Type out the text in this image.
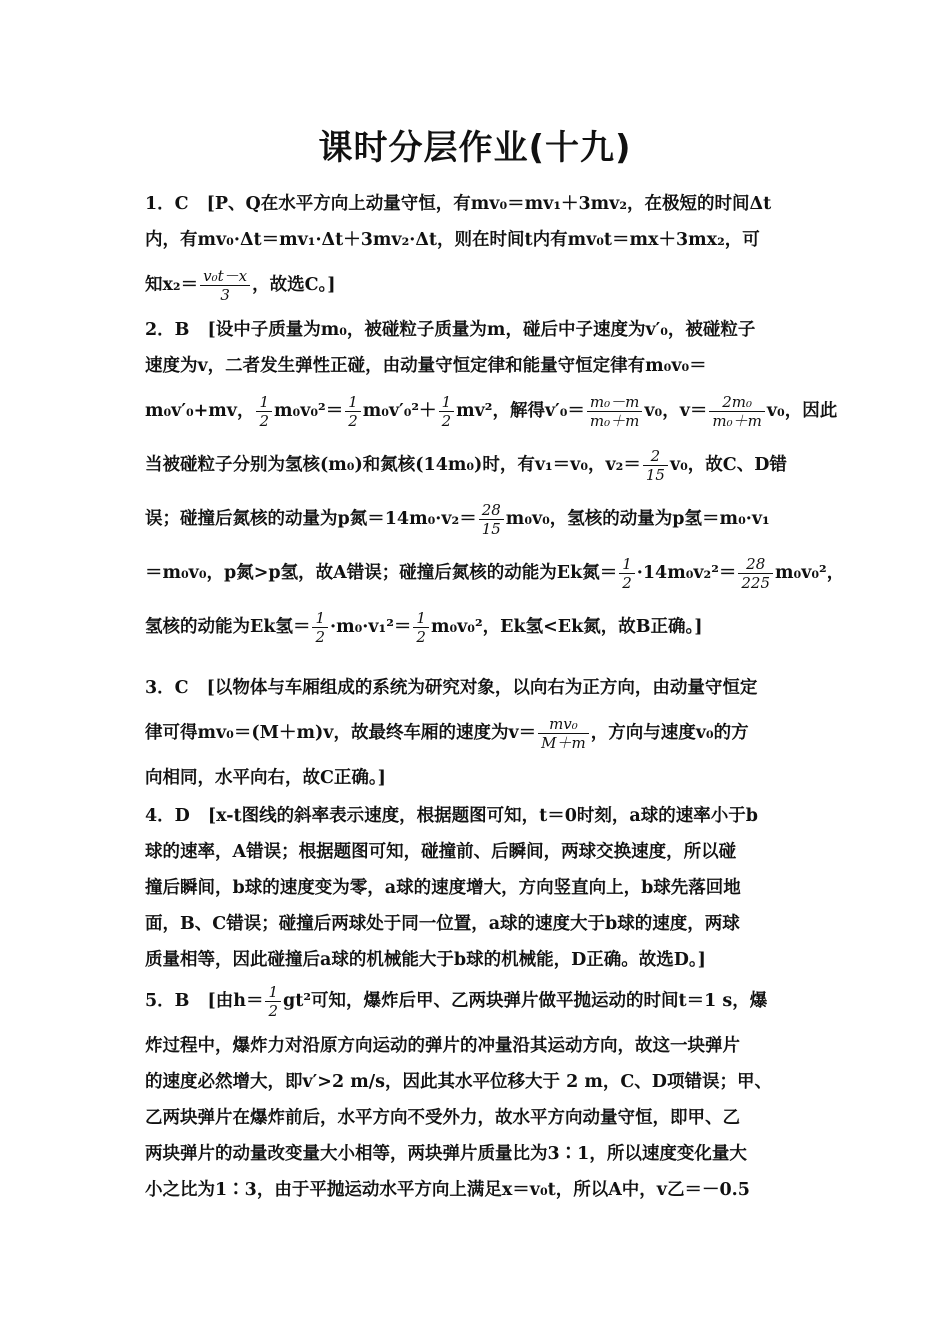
课时分层作业(十九)
1．C [P、Q在水平方向上动量守恒，有mv₀＝mv₁＋3mv₂，在极短的时间Δt
内，有mv₀·Δt＝mv₁·Δt＋3mv₂·Δt，则在时间t内有mv₀t＝mx＋3mx₂，可
知$x_2= \frac{\text{v₀t－x}}{3}$ ，故选C。]
2．B [设中子质量为m₀，被碰粒子质量为m，碰后中子速度为v′₀，被碰粒子
速度为v，二者发生弹性正碰，由动量守恒定律和能量守恒定律有m₀v₀＝
m₀v′₀+mv， $\frac{1}{2} m_0v_0^2= \frac{1}{2} m_0v'_0^2+ \frac{1}{2} mv^2$，解得$v'_0= \frac{\text{m₀－m}}{\text{m₀＋m}} v_0$，$v= \frac{\text{2m₀}}{\text{m₀＋m}} v_0$，因此
当被碰粒子分别为氢核(m₀)和氮核(14m₀)时，有v₁＝v₀，$v_2= \frac{2}{15} v_0$，故C、D错
误；碰撞后氮核的动量为p氮$=14m_0\cdot v_2= \frac{28}{15} m_0v_0$，氢核的动量为p氢＝m₀·v₁
＝m₀v₀，p氮>p氢，故A错误；碰撞后氮核的动能为Ek氮＝ $\frac{1}{2} \cdot 14m_0v_2^2= \frac{28}{225} m_0v_0^2$，
氢核的动能为Ek氢＝ $\frac{1}{2} \cdot m_0\cdot v_1^2= \frac{1}{2} m_0v_0^2$，Ek氢<Ek氮，故B正确。]
3．C [以物体与车厢组成的系统为研究对象，以向右为正方向，由动量守恒定
律可得mv₀＝(M＋m)v，故最终车厢的速度为$v= \frac{\text{mv₀}}{M+m}$ ，方向与速度v₀的方
向相同，水平向右，故C正确。]
4．D [x-t图线的斜率表示速度，根据题图可知，t＝0时刻，a球的速率小于b
球的速率，A错误；根据题图可知，碰撞前、后瞬间，两球交换速度，所以碰
撞后瞬间，b球的速度变为零，a球的速度增大，方向竖直向上，b球先落回地
面，B、C错误；碰撞后两球处于同一位置，a球的速度大于b球的速度，两球
质量相等，因此碰撞后a球的机械能大于b球的机械能，D正确。故选D。]
5．B [由$h= \frac{1}{2} gt^2$可知，爆炸后甲、乙两块弹片做平抛运动的时间t＝1 s，爆
炸过程中，爆炸力对沿原方向运动的弹片的冲量沿其运动方向，故这一块弹片
的速度必然增大，即v′>2 m/s，因此其水平位移大于 2 m，C、D项错误；甲、
乙两块弹片在爆炸前后，水平方向不受外力，故水平方向动量守恒，即甲、乙
两块弹片的动量改变量大小相等，两块弹片质量比为3∶1，所以速度变化量大
小之比为1∶3，由于平抛运动水平方向上满足x＝v₀t，所以A中，v乙＝－0.5
